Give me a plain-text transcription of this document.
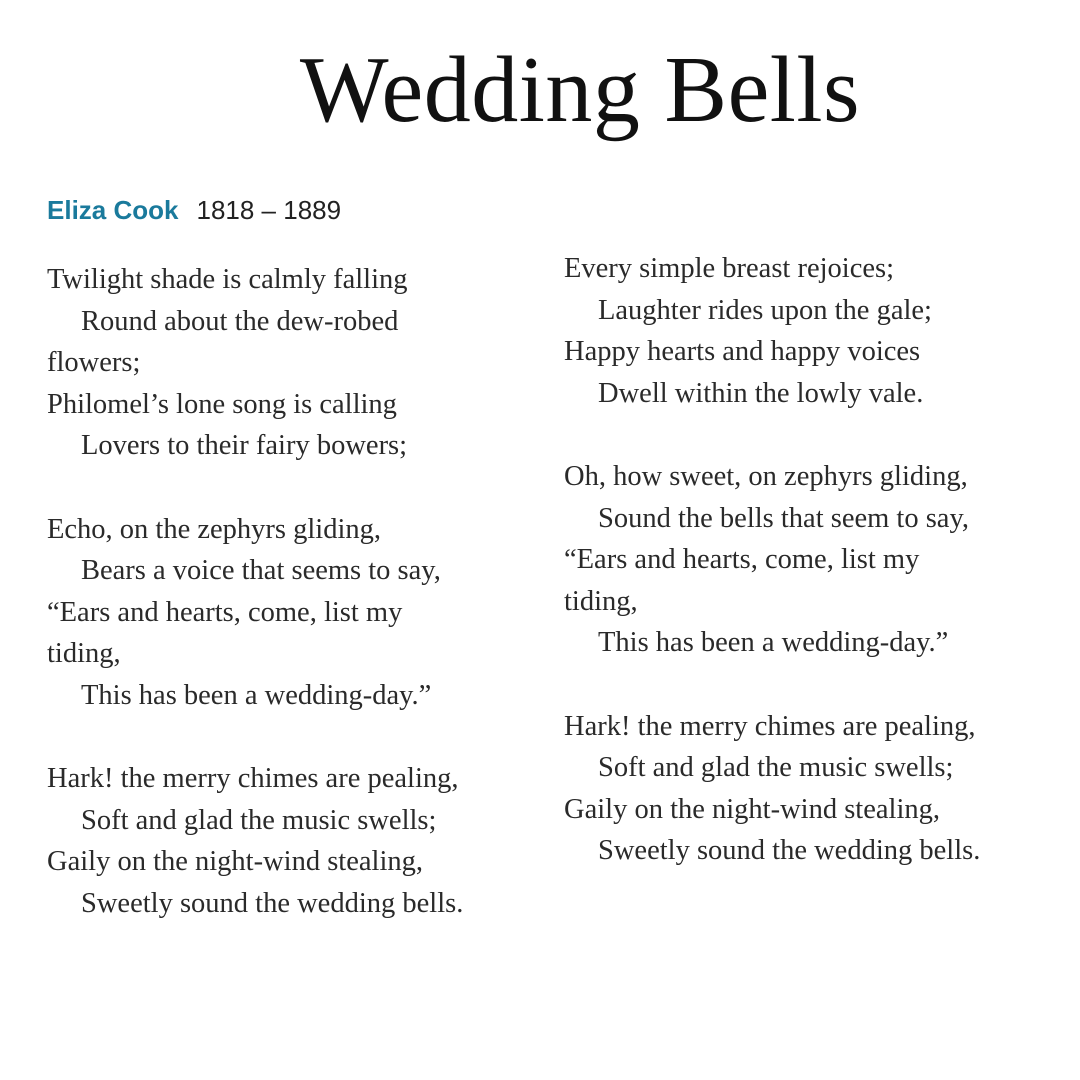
Wedding Bells
Eliza Cook 1818 – 1889
Twilight shade is calmly falling
Round about the dew-robed
flowers;
Philomel’s lone song is calling
Lovers to their fairy bowers;
Echo, on the zephyrs gliding,
Bears a voice that seems to say,
“Ears and hearts, come, list my
tiding,
This has been a wedding-day.”
Hark! the merry chimes are pealing,
Soft and glad the music swells;
Gaily on the night-wind stealing,
Sweetly sound the wedding bells.
Every simple breast rejoices;
Laughter rides upon the gale;
Happy hearts and happy voices
Dwell within the lowly vale.
Oh, how sweet, on zephyrs gliding,
Sound the bells that seem to say,
“Ears and hearts, come, list my
tiding,
This has been a wedding-day.”
Hark! the merry chimes are pealing,
Soft and glad the music swells;
Gaily on the night-wind stealing,
Sweetly sound the wedding bells.
